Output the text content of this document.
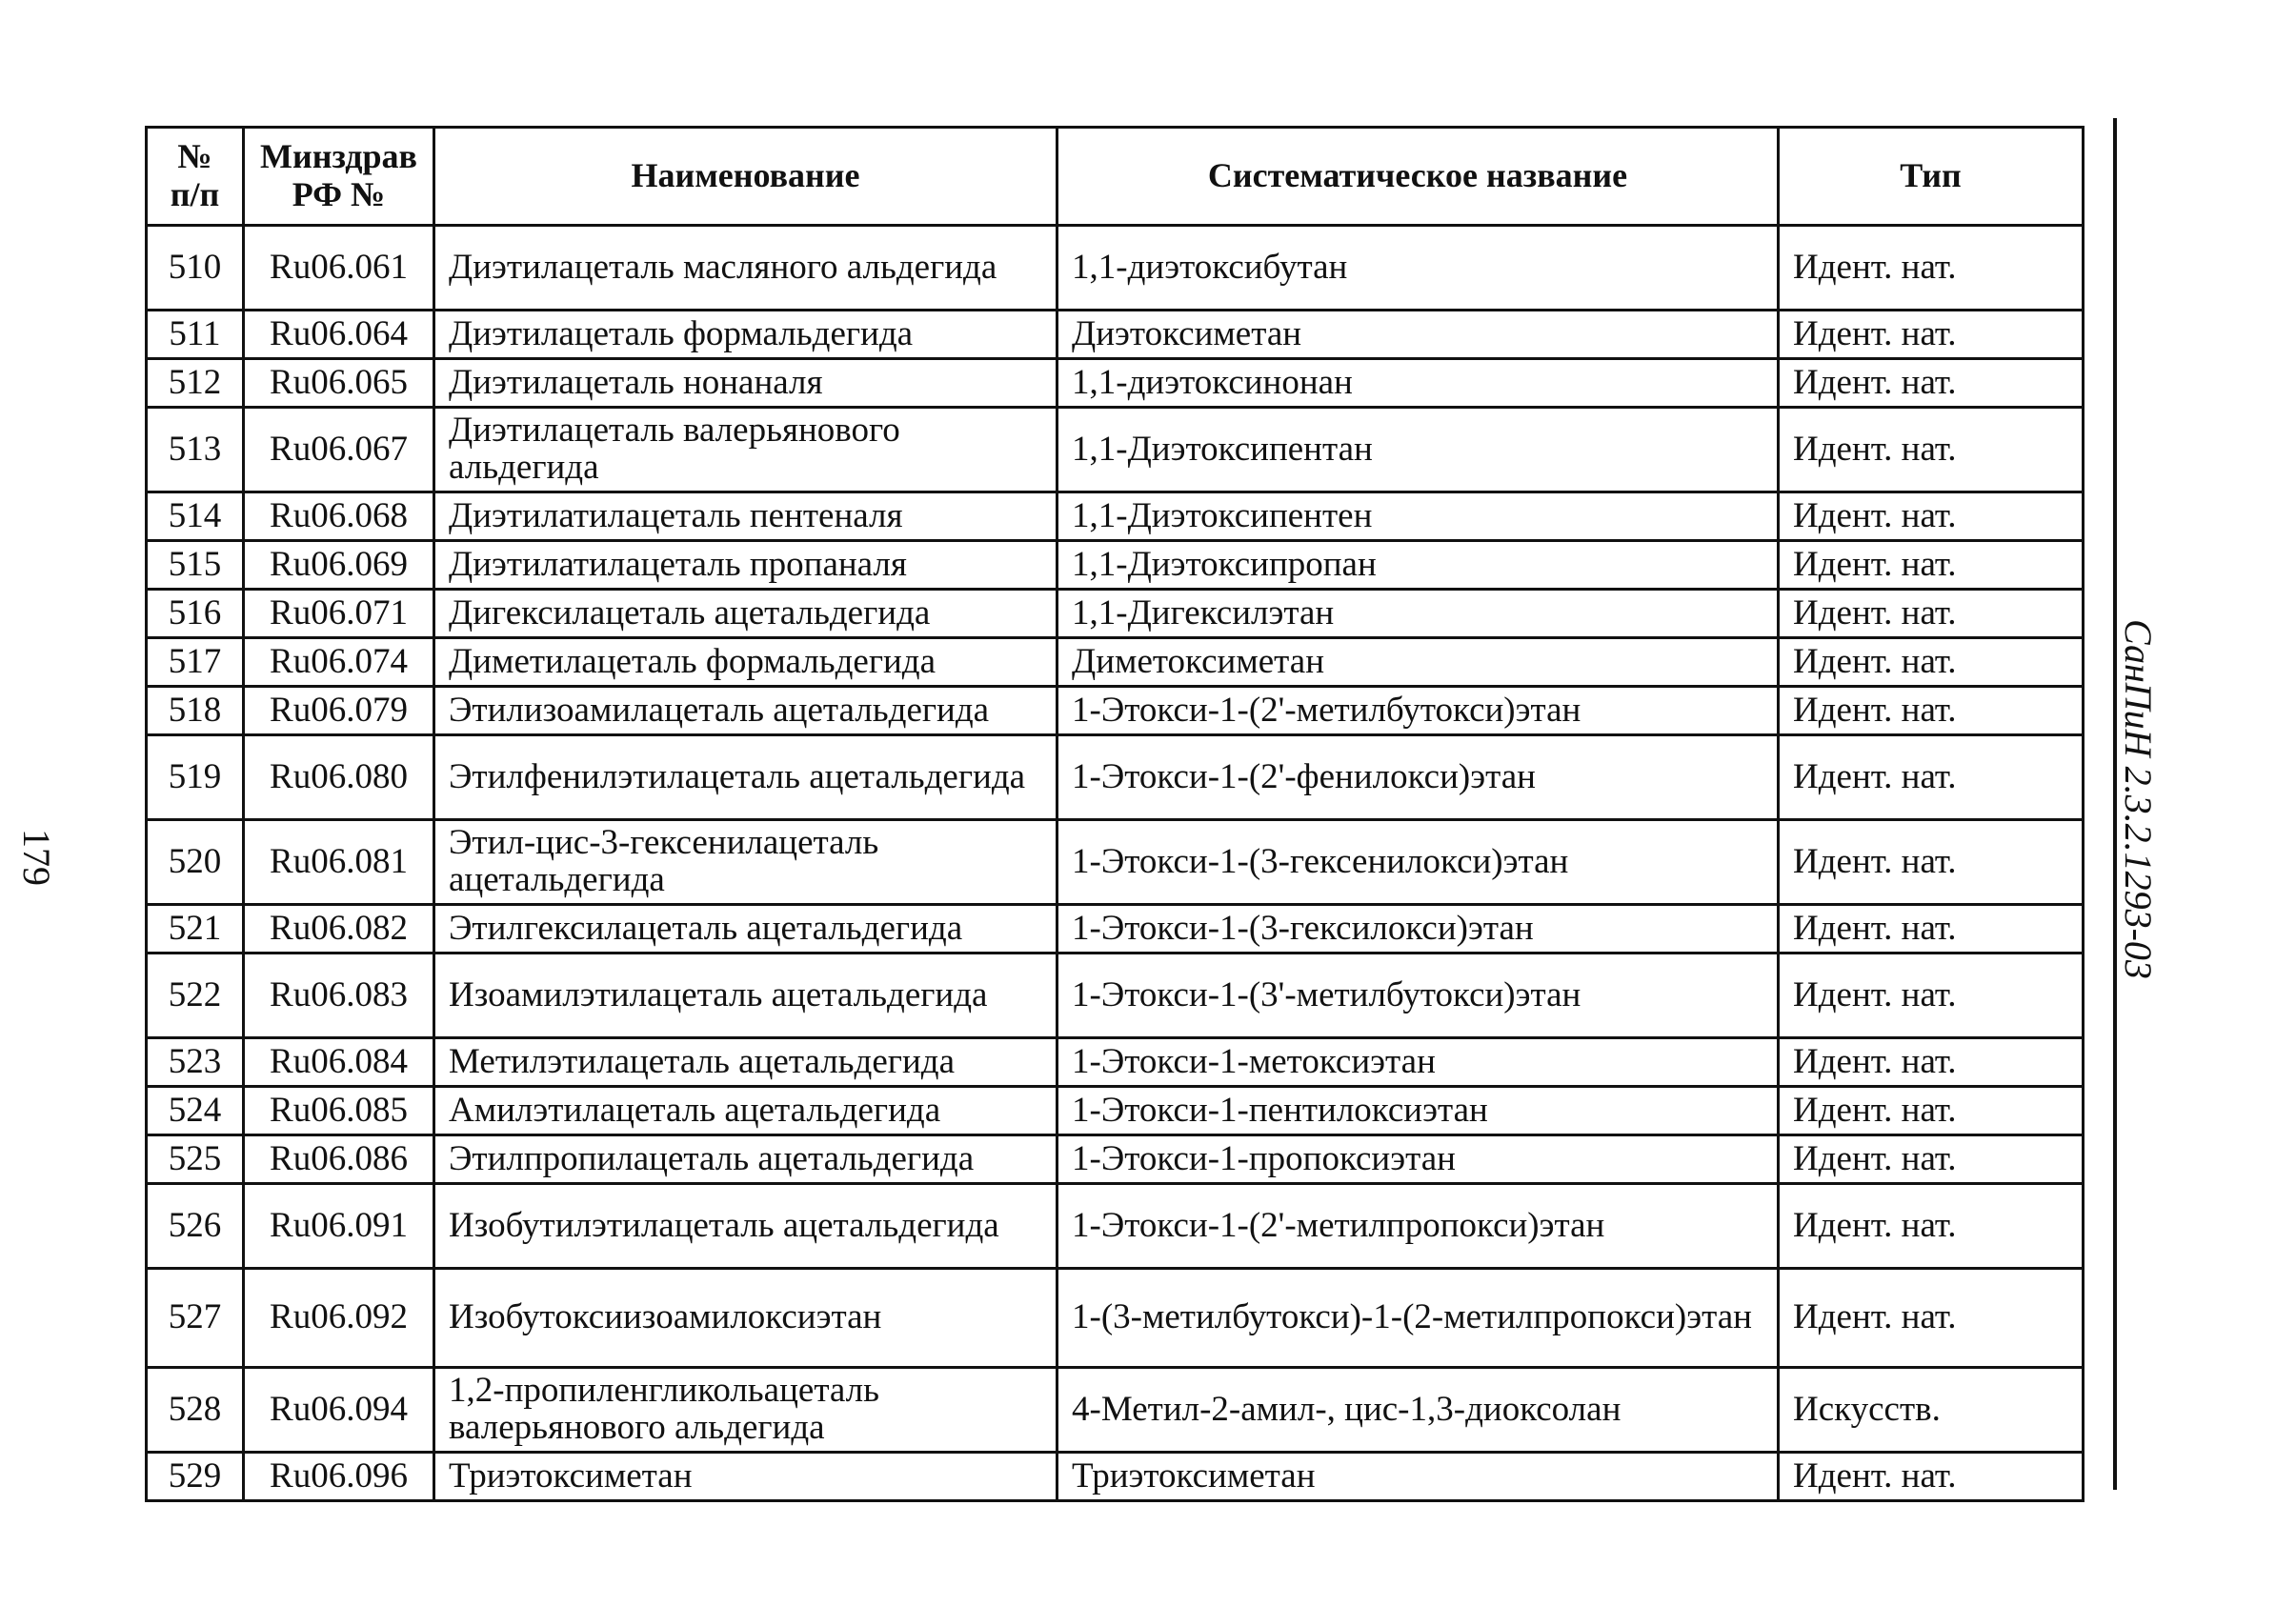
179	СанПиН 2.3.2.1293-03
№ п/п	Минздрав РФ №	Наименование	Систематическое название	Тип
510	Ru06.061	Диэтилацеталь масляного альдегида	1,1-диэтоксибутан	Идент. нат.
511	Ru06.064	Диэтилацеталь формальдегида	Диэтоксиметан	Идент. нат.
512	Ru06.065	Диэтилацеталь нонаналя	1,1-диэтоксинонан	Идент. нат.
513	Ru06.067	Диэтилацеталь валерьянового альдегида	1,1-Диэтоксипентан	Идент. нат.
514	Ru06.068	Диэтилатилацеталь пентеналя	1,1-Диэтоксипентен	Идент. нат.
515	Ru06.069	Диэтилатилацеталь пропаналя	1,1-Диэтоксипропан	Идент. нат.
516	Ru06.071	Дигексилацеталь ацетальдегида	1,1-Дигексилэтан	Идент. нат.
517	Ru06.074	Диметилацеталь формальдегида	Диметоксиметан	Идент. нат.
518	Ru06.079	Этилизоамилацеталь ацетальдегида	1-Этокси-1-(2'-метилбутокси)этан	Идент. нат.
519	Ru06.080	Этилфенилэтилацеталь ацетальдегида	1-Этокси-1-(2'-фенилокси)этан	Идент. нат.
520	Ru06.081	Этил-цис-3-гексенилацеталь ацетальдегида	1-Этокси-1-(3-гексенилокси)этан	Идент. нат.
521	Ru06.082	Этилгексилацеталь ацетальдегида	1-Этокси-1-(3-гексилокси)этан	Идент. нат.
522	Ru06.083	Изоамилэтилацеталь ацетальдегида	1-Этокси-1-(3'-метилбутокси)этан	Идент. нат.
523	Ru06.084	Метилэтилацеталь ацетальдегида	1-Этокси-1-метоксиэтан	Идент. нат.
524	Ru06.085	Амилэтилацеталь ацетальдегида	1-Этокси-1-пентилоксиэтан	Идент. нат.
525	Ru06.086	Этилпропилацеталь ацетальдегида	1-Этокси-1-пропоксиэтан	Идент. нат.
526	Ru06.091	Изобутилэтилацеталь ацетальдегида	1-Этокси-1-(2'-метилпропокси)этан	Идент. нат.
527	Ru06.092	Изобутоксиизоамилоксиэтан	1-(3-метилбутокси)-1-(2-метилпропокси)этан	Идент. нат.
528	Ru06.094	1,2-пропиленгликольацеталь валерьянового альдегида	4-Метил-2-амил-, цис-1,3-диоксолан	Искусств.
529	Ru06.096	Триэтоксиметан	Триэтоксиметан	Идент. нат.
